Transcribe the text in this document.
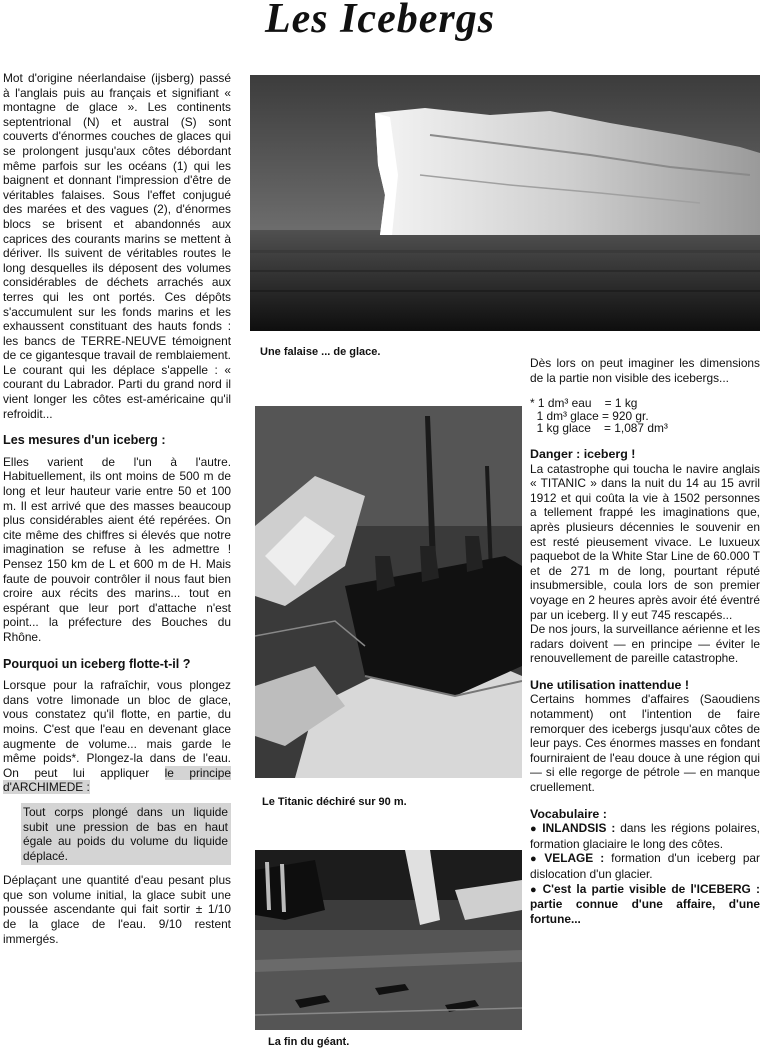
Les Icebergs

Mot d'origine néerlandaise (ijsberg) passé à l'anglais puis au français et signifiant « montagne de glace ». Les continents septentrional (N) et austral (S) sont couverts d'énormes couches de glaces qui se prolongent jusqu'aux côtes débordant même parfois sur les océans (1) qui les baignent et donnant l'impression d'être de véritables falaises. Sous l'effet conjugué des marées et des vagues (2), d'énormes blocs se brisent et abandonnés aux caprices des courants marins se mettent à dériver. Ils suivent de véritables routes le long desquelles ils déposent des volumes considérables de déchets arrachés aux terres qui les ont portés. Ces dépôts s'accumulent sur les fonds marins et les exhaussent constituant des hauts fonds : les bancs de TERRE-NEUVE témoignent de ce gigantesque travail de remblaiement. Le courant qui les déplace s'appelle : « courant du Labrador. Parti du grand nord il vient longer les côtes est-américaine qu'il refroidit...

Les mesures d'un iceberg :

Elles varient de l'un à l'autre. Habituellement, ils ont moins de 500 m de long et leur hauteur varie entre 50 et 100 m. Il est arrivé que des masses beaucoup plus considérables aient été repérées. On cite même des chiffres si élevés que notre imagination se refuse à les admettre ! Pensez 150 km de L et 600 m de H. Mais faute de pouvoir contrôler il nous faut bien croire aux récits des marins... tout en espérant que leur port d'attache n'est point... la préfecture des Bouches du Rhône.

Pourquoi un iceberg flotte-t-il ?

Lorsque pour la rafraîchir, vous plongez dans votre limonade un bloc de glace, vous constatez qu'il flotte, en partie, du moins. C'est que l'eau en devenant glace augmente de volume... mais garde le même poids*. Plongez-la dans de l'eau. On peut lui appliquer le principe d'ARCHIMEDE :

Tout corps plongé dans un liquide subit une pression de bas en haut égale au poids du volume du liquide déplacé.

Déplaçant une quantité d'eau pesant plus que son volume initial, la glace subit une poussée ascendante qui fait sortir ± 1/10 de la glace de l'eau. 9/10 restent immergés.

Une falaise ... de glace.
Le Titanic déchiré sur 90 m.
La fin du géant.

Dès lors on peut imaginer les dimensions de la partie non visible des icebergs...

* 1 dm³ eau    = 1 kg
1 dm³ glace = 920 gr.
1 kg glace    = 1,087 dm³
Danger : iceberg !

La catastrophe qui toucha le navire anglais « TITANIC » dans la nuit du 14 au 15 avril 1912 et qui coûta la vie à 1502 personnes a tellement frappé les imaginations que, après plusieurs décennies le souvenir en est resté pieusement vivace. Le luxueux paquebot de la White Star Line de 60.000 T et de 271 m de long, pourtant réputé insubmersible, coula lors de son premier voyage en 2 heures après avoir été éventré par un iceberg. Il y eut 745 rescapés...

De nos jours, la surveillance aérienne et les radars doivent — en principe — éviter le renouvellement de pareille catastrophe.

Une utilisation inattendue !

Certains hommes d'affaires (Saoudiens notamment) ont l'intention de faire remorquer des icebergs jusqu'aux côtes de leur pays. Ces énormes masses en fondant fourniraient de l'eau douce à une région qui — si elle regorge de pétrole — en manque cruellement.

Vocabulaire :

● INLANDSIS : dans les régions polaires, formation glaciaire le long des côtes.

● VELAGE : formation d'un iceberg par dislocation d'un glacier.

● C'est la partie visible de l'ICEBERG : partie connue d'une affaire, d'une fortune...
